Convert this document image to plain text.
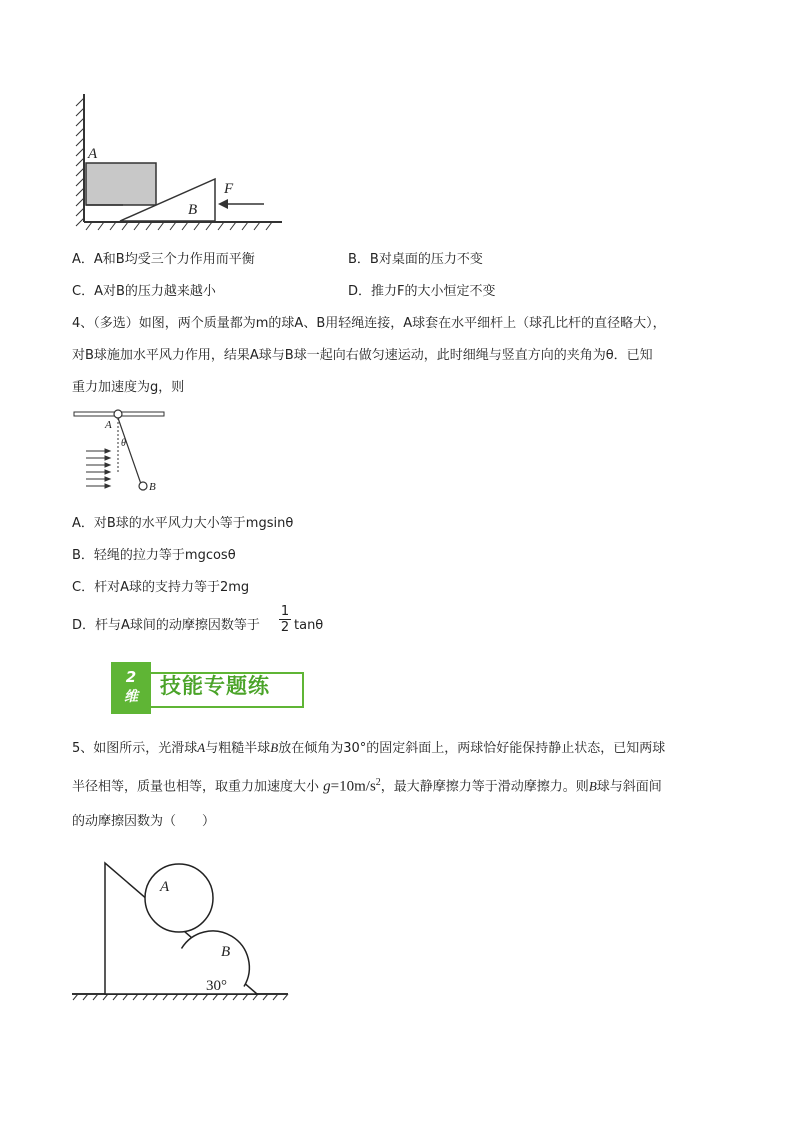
A
B
F
A．A和B均受三个力作用而平衡	B．B对桌面的压力不变
C．A对B的压力越来越小	D．推力F的大小恒定不变
4、（多选）如图，两个质量都为m的球A、B用轻绳连接，A球套在水平细杆上（球孔比杆的直径略大），
对B球施加水平风力作用，结果A球与B球一起向右做匀速运动，此时细绳与竖直方向的夹角为θ．已知
重力加速度为g，则
A
θ
B
A．对B球的水平风力大小等于mgsinθ
B．轻绳的拉力等于mgcosθ
C．杆对A球的支持力等于2mg
D．杆与A球间的动摩擦因数等于
1
2 tanθ
2
维	技能专题练
5、如图所示，光滑球A与粗糙半球B放在倾角为30°的固定斜面上，两球恰好能保持静止状态，已知两球
半径相等，质量也相等，取重力加速度大小 $g=10m/s^2$，最大静摩擦力等于滑动摩擦力。则B球与斜面间
的动摩擦因数为（　　）
A
B
30°
